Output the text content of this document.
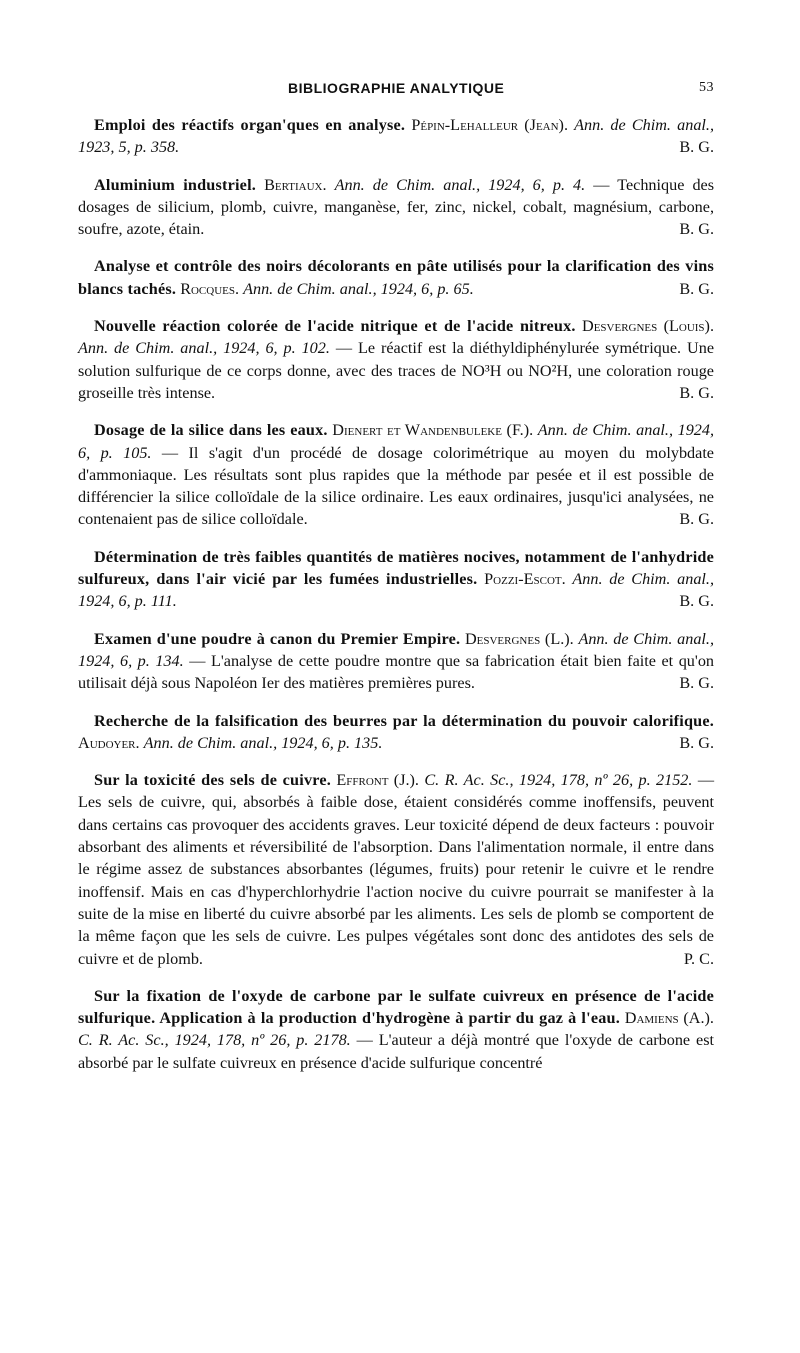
BIBLIOGRAPHIE ANALYTIQUE	53

Emploi des réactifs organ'ques en analyse. Pépin-Lehalleur (Jean). Ann. de Chim. anal., 1923, 5, p. 358.	B. G.

Aluminium industriel. Bertiaux. Ann. de Chim. anal., 1924, 6, p. 4. — Technique des dosages de silicium, plomb, cuivre, manganèse, fer, zinc, nickel, cobalt, magnésium, carbone, soufre, azote, étain.	B. G.

Analyse et contrôle des noirs décolorants en pâte utilisés pour la clarification des vins blancs tachés. Rocques. Ann. de Chim. anal., 1924, 6, p. 65.	B. G.

Nouvelle réaction colorée de l'acide nitrique et de l'acide nitreux. Desvergnes (Louis). Ann. de Chim. anal., 1924, 6, p. 102. — Le réactif est la diéthyldiphénylurée symétrique. Une solution sulfurique de ce corps donne, avec des traces de NO³H ou NO²H, une coloration rouge groseille très intense.	B. G.

Dosage de la silice dans les eaux. Dienert et Wandenbuleke (F.). Ann. de Chim. anal., 1924, 6, p. 105. — Il s'agit d'un procédé de dosage colorimétrique au moyen du molybdate d'ammoniaque. Les résultats sont plus rapides que la méthode par pesée et il est possible de différencier la silice colloïdale de la silice ordinaire. Les eaux ordinaires, jusqu'ici analysées, ne contenaient pas de silice colloïdale.	B. G.

Détermination de très faibles quantités de matières nocives, notamment de l'anhydride sulfureux, dans l'air vicié par les fumées industrielles. Pozzi-Escot. Ann. de Chim. anal., 1924, 6, p. 111.	B. G.

Examen d'une poudre à canon du Premier Empire. Desvergnes (L.). Ann. de Chim. anal., 1924, 6, p. 134. — L'analyse de cette poudre montre que sa fabrication était bien faite et qu'on utilisait déjà sous Napoléon Ier des matières premières pures.	B. G.

Recherche de la falsification des beurres par la détermination du pouvoir calorifique. Audoyer. Ann. de Chim. anal., 1924, 6, p. 135.	B. G.

Sur la toxicité des sels de cuivre. Effront (J.). C. R. Ac. Sc., 1924, 178, nº 26, p. 2152. — Les sels de cuivre, qui, absorbés à faible dose, étaient considérés comme inoffensifs, peuvent dans certains cas provoquer des accidents graves. Leur toxicité dépend de deux facteurs : pouvoir absorbant des aliments et réversibilité de l'absorption. Dans l'alimentation normale, il entre dans le régime assez de substances absorbantes (légumes, fruits) pour retenir le cuivre et le rendre inoffensif. Mais en cas d'hyperchlorhydrie l'action nocive du cuivre pourrait se manifester à la suite de la mise en liberté du cuivre absorbé par les aliments. Les sels de plomb se comportent de la même façon que les sels de cuivre. Les pulpes végétales sont donc des antidotes des sels de cuivre et de plomb.	P. C.

Sur la fixation de l'oxyde de carbone par le sulfate cuivreux en présence de l'acide sulfurique. Application à la production d'hydrogène à partir du gaz à l'eau. Damiens (A.). C. R. Ac. Sc., 1924, 178, nº 26, p. 2178. — L'auteur a déjà montré que l'oxyde de carbone est absorbé par le sulfate cuivreux en présence d'acide sulfurique concentré
